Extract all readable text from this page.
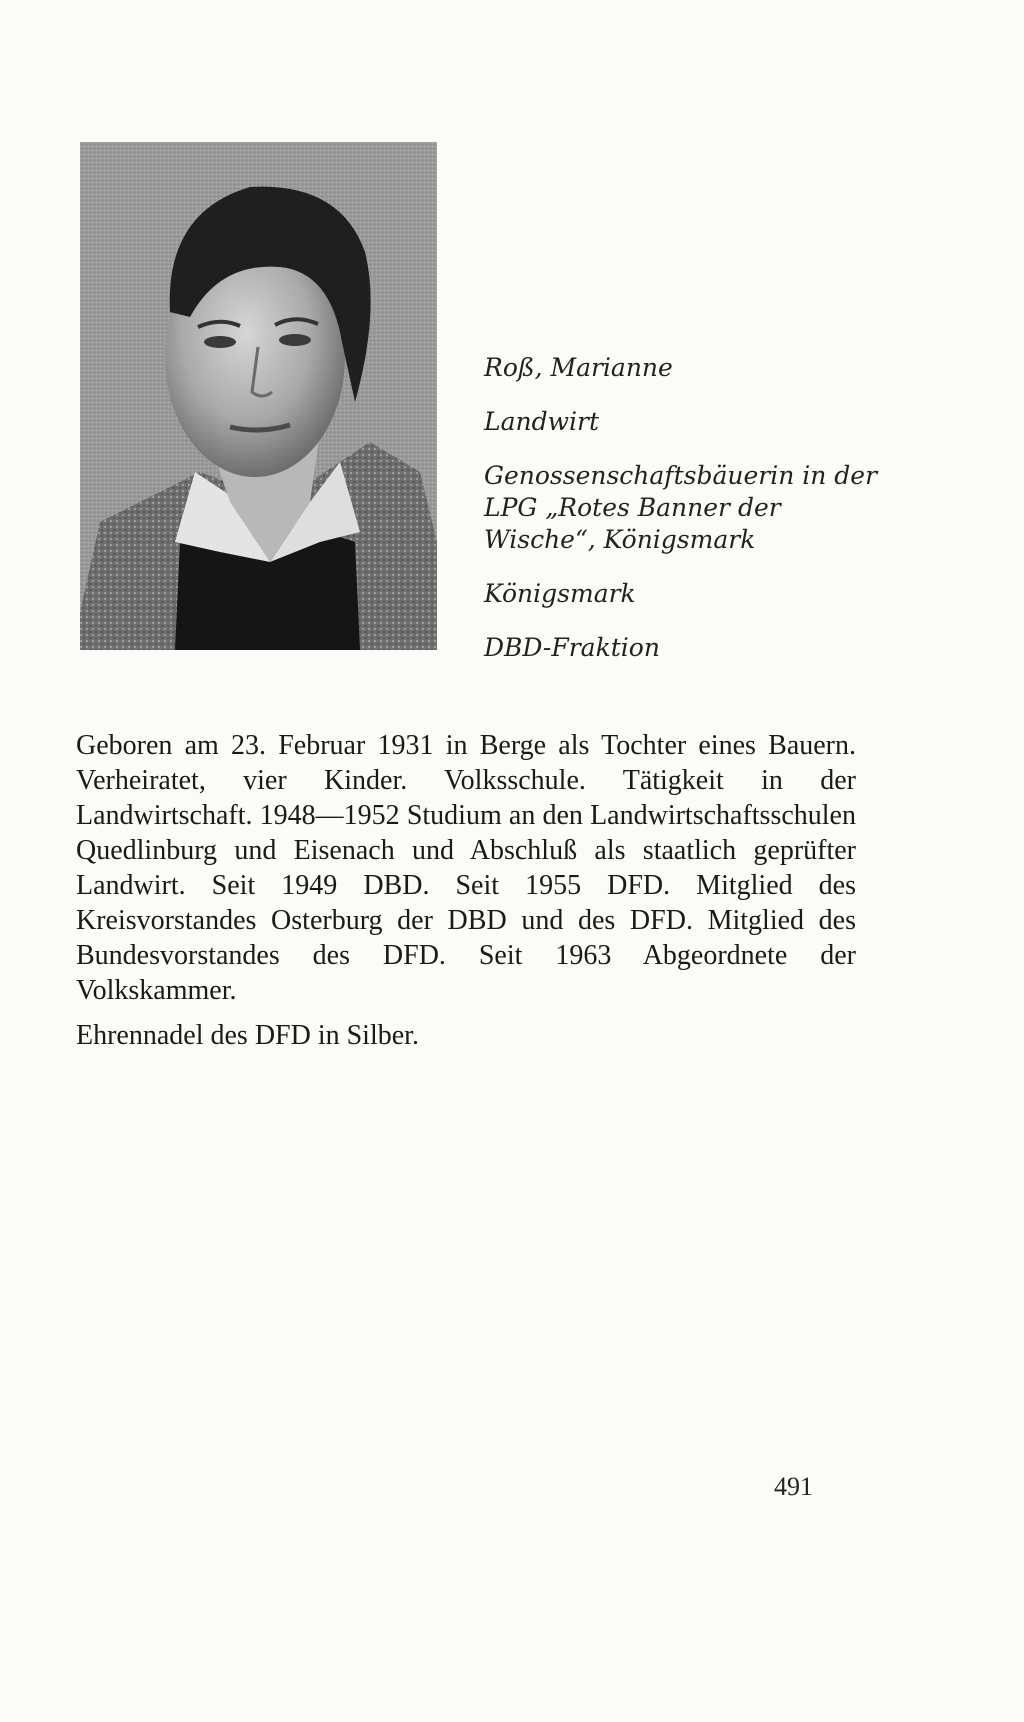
Roß, Marianne
Landwirt
Genossenschaftsbäuerin in der LPG „Rotes Banner der Wische“, Königsmark
Königsmark
DBD-Fraktion

Geboren am 23. Februar 1931 in Berge als Tochter eines Bauern. Verheiratet, vier Kinder. Volksschule. Tätigkeit in der Landwirtschaft. 1948—1952 Studium an den Landwirtschaftsschulen Quedlinburg und Eisenach und Abschluß als staatlich geprüfter Landwirt. Seit 1949 DBD. Seit 1955 DFD. Mitglied des Kreisvorstandes Osterburg der DBD und des DFD. Mitglied des Bundesvorstandes des DFD. Seit 1963 Abgeordnete der Volkskammer.

Ehrennadel des DFD in Silber.

491
